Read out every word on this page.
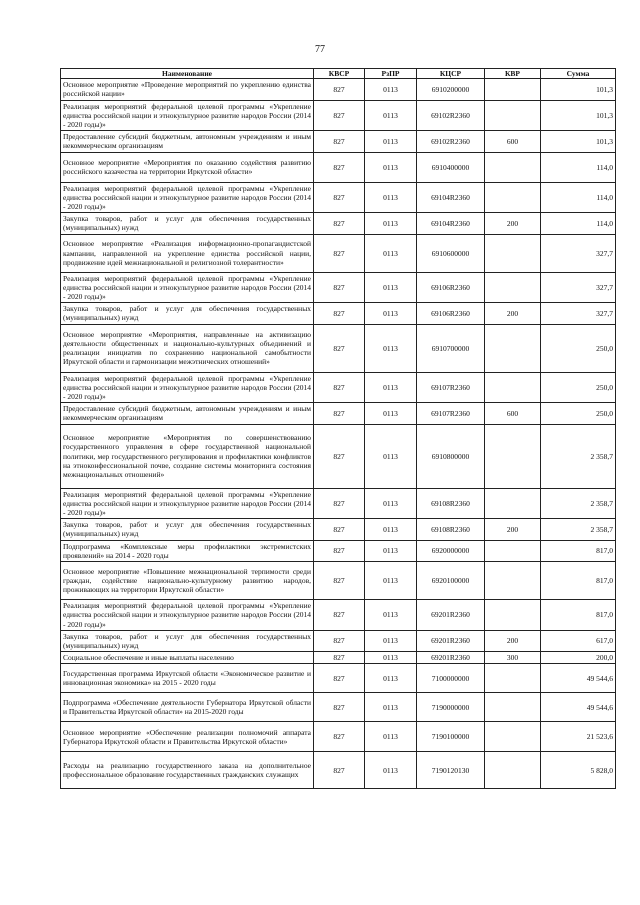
77
Наименование	КВСР	РзПР	КЦСР	КВР	Сумма
Основное мероприятие «Проведение мероприятий по укреплению единства российской нации»	827	0113	6910200000		101,3
Реализация мероприятий федеральной целевой программы «Укрепление единства российской нации и этнокультурное развитие народов России (2014 - 2020 годы)»	827	0113	69102R2360		101,3
Предоставление субсидий бюджетным, автономным учреждениям и иным некоммерческим организациям	827	0113	69102R2360	600	101,3
Основное мероприятие «Мероприятия по оказанию содействия развитию российского казачества на территории Иркутской области»	827	0113	6910400000		114,0
Реализация мероприятий федеральной целевой программы «Укрепление единства российской нации и этнокультурное развитие народов России (2014 - 2020 годы)»	827	0113	69104R2360		114,0
Закупка товаров, работ и услуг для обеспечения государственных (муниципальных) нужд	827	0113	69104R2360	200	114,0
Основное мероприятие «Реализация информационно-пропагандистской кампании, направленной на укрепление единства российской нации, продвижение идей межнациональной и религиозной толерантности»	827	0113	6910600000		327,7
Реализация мероприятий федеральной целевой программы «Укрепление единства российской нации и этнокультурное развитие народов России (2014 - 2020 годы)»	827	0113	69106R2360		327,7
Закупка товаров, работ и услуг для обеспечения государственных (муниципальных) нужд	827	0113	69106R2360	200	327,7
Основное мероприятие «Мероприятия, направленные на активизацию деятельности общественных и национально-культурных объединений и реализации инициатив по сохранению национальной самобытности Иркутской области и гармонизации межэтнических отношений»	827	0113	6910700000		250,0
Реализация мероприятий федеральной целевой программы «Укрепление единства российской нации и этнокультурное развитие народов России (2014 - 2020 годы)»	827	0113	69107R2360		250,0
Предоставление субсидий бюджетным, автономным учреждениям и иным некоммерческим организациям	827	0113	69107R2360	600	250,0
Основное мероприятие «Мероприятия по совершенствованию государственного управления в сфере государственной национальной политики, мер государственного регулирования и профилактики конфликтов на этноконфессиональной почве, создание системы мониторинга состояния межнациональных отношений»	827	0113	6910800000		2 358,7
Реализация мероприятий федеральной целевой программы «Укрепление единства российской нации и этнокультурное развитие народов России (2014 - 2020 годы)»	827	0113	69108R2360		2 358,7
Закупка товаров, работ и услуг для обеспечения государственных (муниципальных) нужд	827	0113	69108R2360	200	2 358,7
Подпрограмма «Комплексные меры профилактики экстремистских проявлений» на 2014 - 2020 годы	827	0113	6920000000		817,0
Основное мероприятие «Повышение межнациональной терпимости среди граждан, содействие национально-культурному развитию народов, проживающих на территории Иркутской области»	827	0113	6920100000		817,0
Реализация мероприятий федеральной целевой программы «Укрепление единства российской нации и этнокультурное развитие народов России (2014 - 2020 годы)»	827	0113	69201R2360		817,0
Закупка товаров, работ и услуг для обеспечения государственных (муниципальных) нужд	827	0113	69201R2360	200	617,0
Социальное обеспечение и иные выплаты населению	827	0113	69201R2360	300	200,0
Государственная программа Иркутской области «Экономическое развитие и инновационная экономика» на 2015 - 2020 годы	827	0113	7100000000		49 544,6
Подпрограмма «Обеспечение деятельности Губернатора Иркутской области и Правительства Иркутской области» на 2015-2020 годы	827	0113	7190000000		49 544,6
Основное мероприятие «Обеспечение реализации полномочий аппарата Губернатора Иркутской области и Правительства Иркутской области»	827	0113	7190100000		21 523,6
Расходы на реализацию государственного заказа на дополнительное профессиональное образование государственных гражданских служащих	827	0113	7190120130		5 828,0
